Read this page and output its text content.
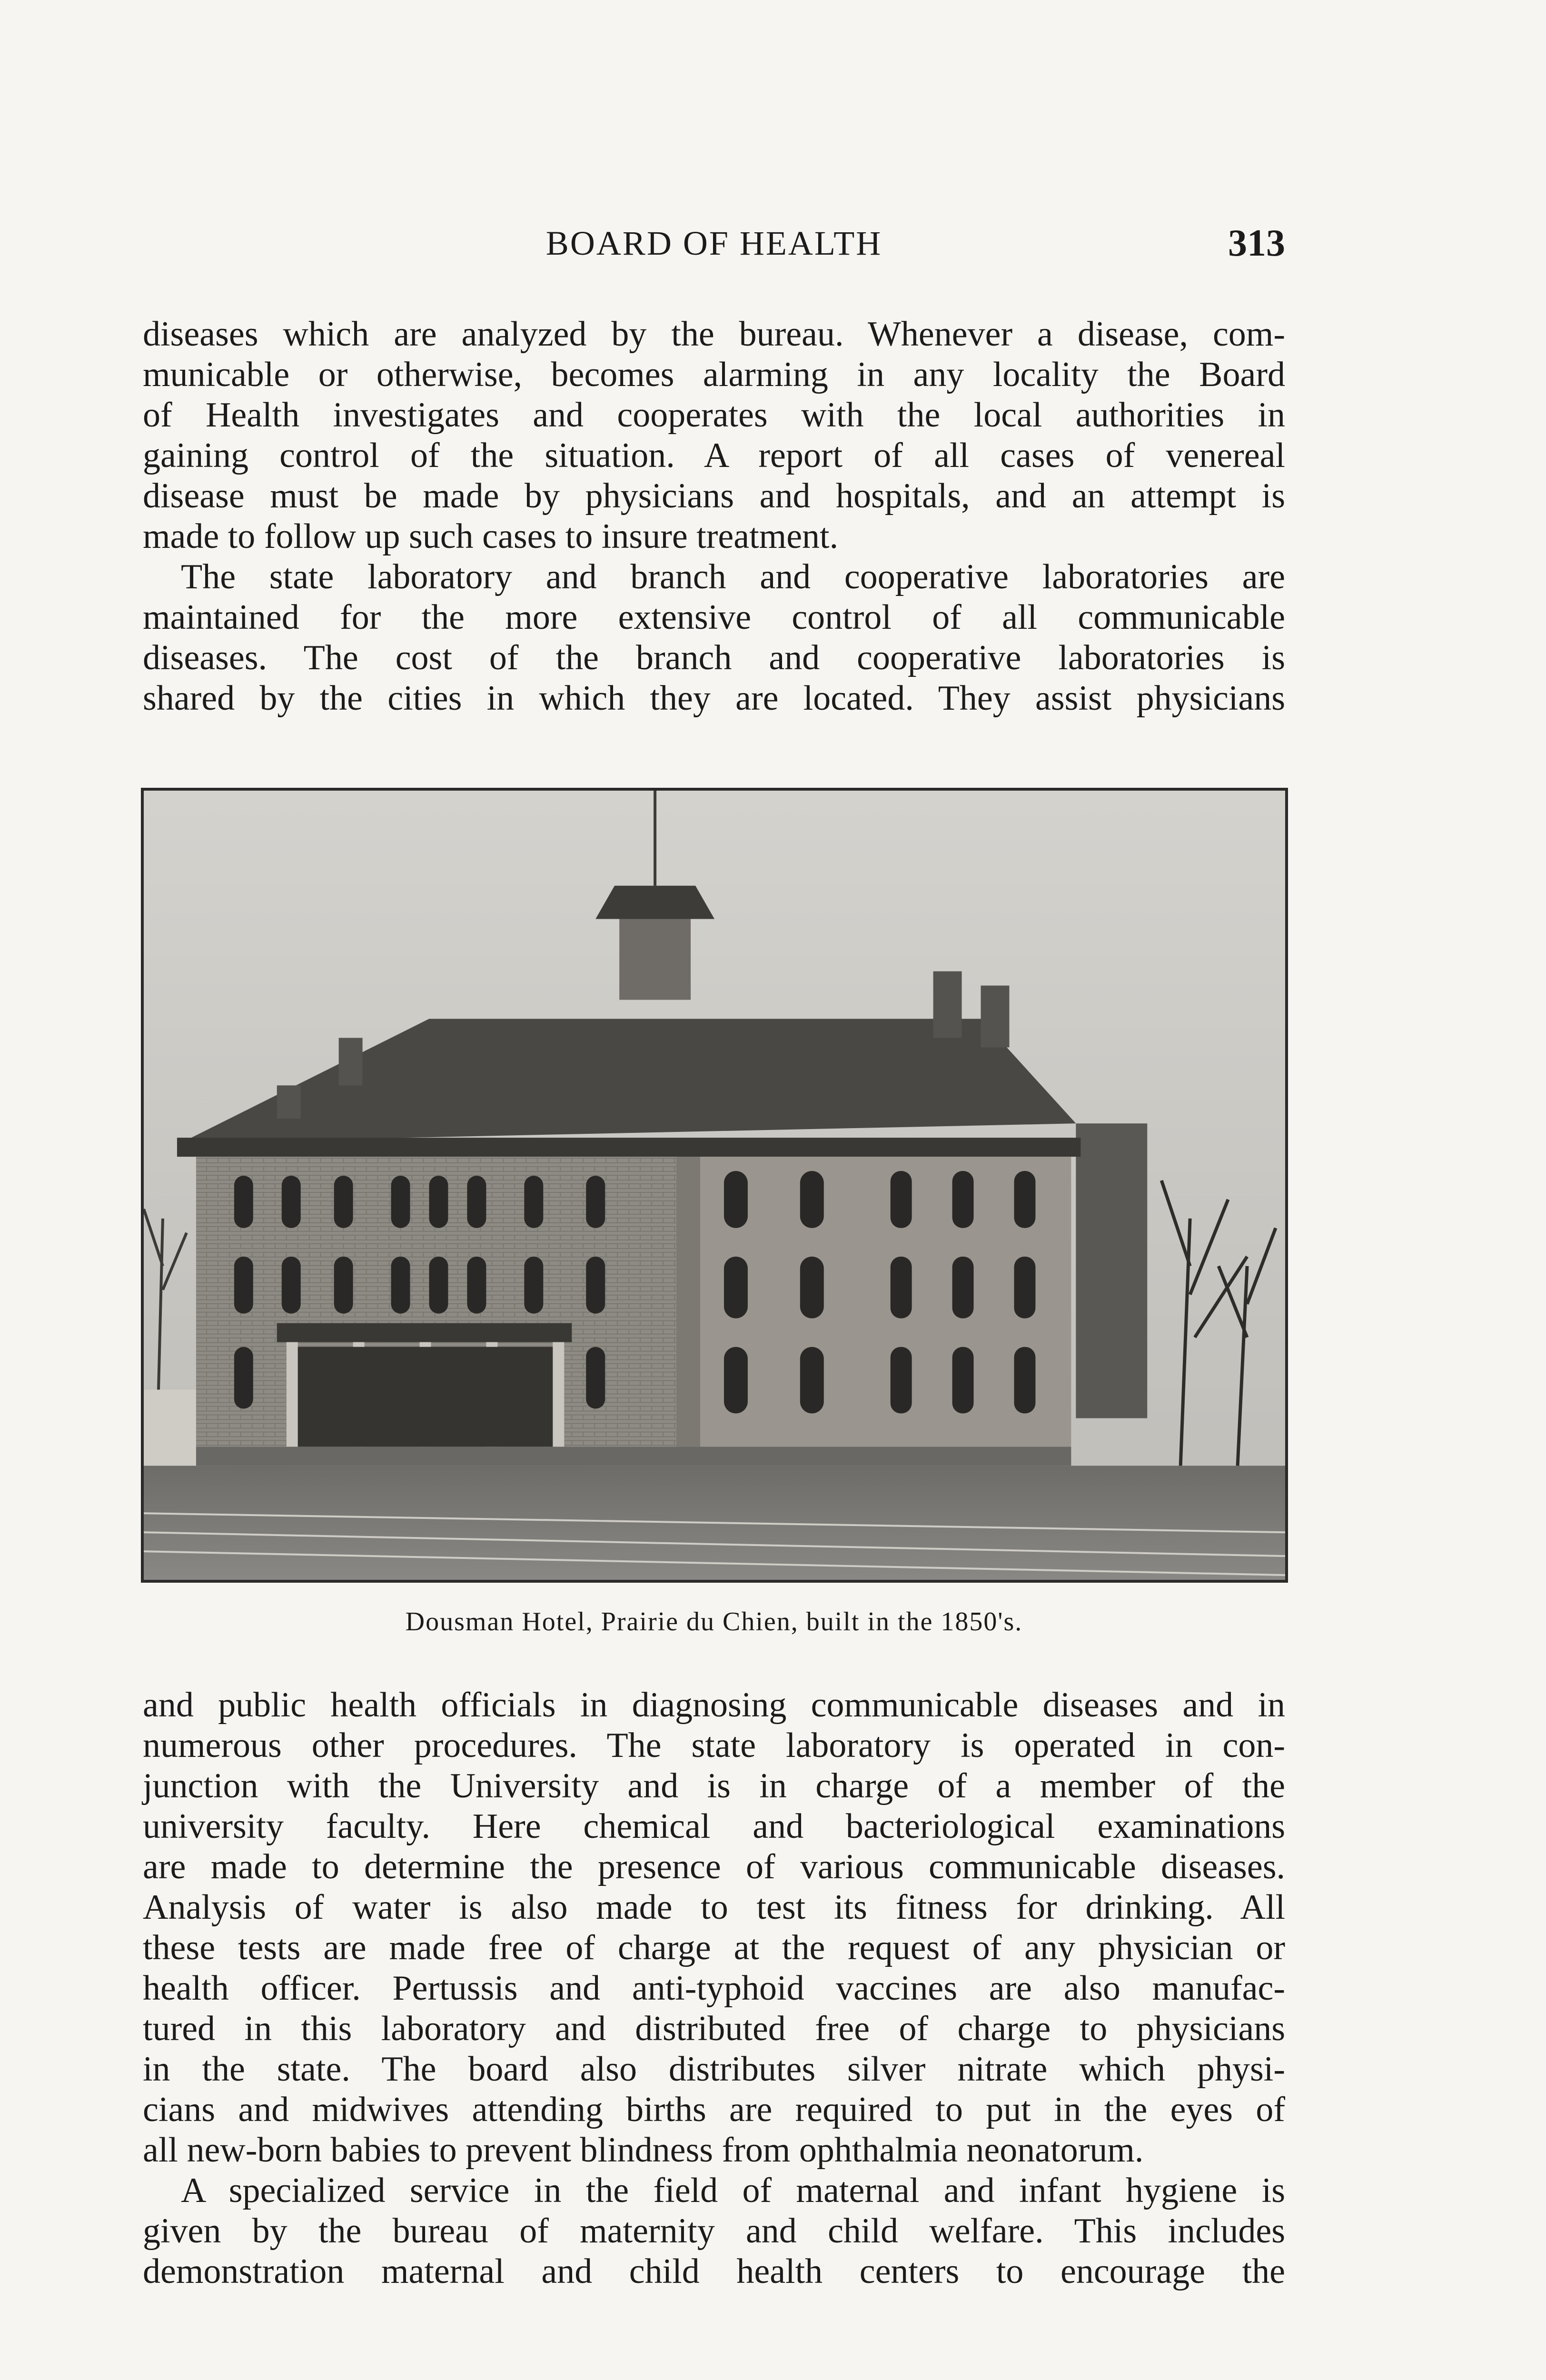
BOARD OF HEALTH	313

diseases which are analyzed by the bureau. Whenever a disease, com-

municable or otherwise, becomes alarming in any locality the Board

of Health investigates and cooperates with the local authorities in

gaining control of the situation. A report of all cases of venereal

disease must be made by physicians and hospitals, and an attempt is

made to follow up such cases to insure treatment.

The state laboratory and branch and cooperative laboratories are

maintained for the more extensive control of all communicable

diseases. The cost of the branch and cooperative laboratories is

shared by the cities in which they are located. They assist physicians

Dousman Hotel, Prairie du Chien, built in the 1850's.

and public health officials in diagnosing communicable diseases and in

numerous other procedures. The state laboratory is operated in con-

junction with the University and is in charge of a member of the

university faculty. Here chemical and bacteriological examinations

are made to determine the presence of various communicable diseases.

Analysis of water is also made to test its fitness for drinking. All

these tests are made free of charge at the request of any physician or

health officer. Pertussis and anti-typhoid vaccines are also manufac-

tured in this laboratory and distributed free of charge to physicians

in the state. The board also distributes silver nitrate which physi-

cians and midwives attending births are required to put in the eyes of

all new-born babies to prevent blindness from ophthalmia neonatorum.

A specialized service in the field of maternal and infant hygiene is

given by the bureau of maternity and child welfare. This includes

demonstration maternal and child health centers to encourage the
